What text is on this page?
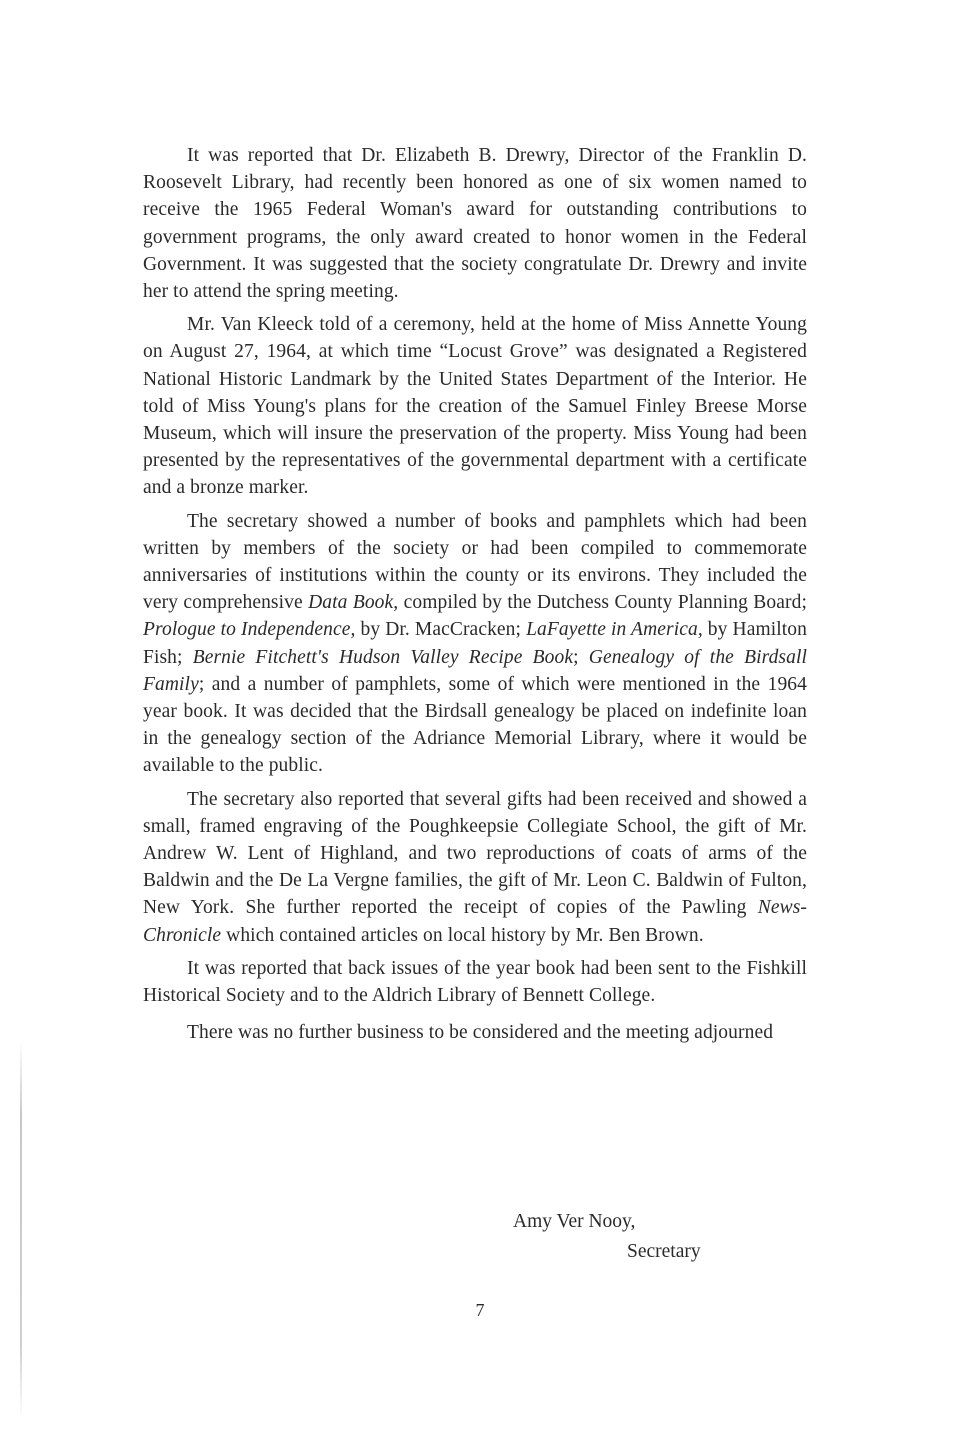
It was reported that Dr. Elizabeth B. Drewry, Director of the Franklin D. Roosevelt Library, had recently been honored as one of six women named to receive the 1965 Federal Woman's award for outstanding contributions to government programs, the only award created to honor women in the Federal Government. It was suggested that the society congratulate Dr. Drewry and invite her to attend the spring meeting.

Mr. Van Kleeck told of a ceremony, held at the home of Miss Annette Young on August 27, 1964, at which time “Locust Grove” was designated a Registered National Historic Landmark by the United States Department of the Interior. He told of Miss Young's plans for the creation of the Samuel Finley Breese Morse Museum, which will insure the preservation of the property. Miss Young had been presented by the representatives of the governmental department with a certificate and a bronze marker.

The secretary showed a number of books and pamphlets which had been written by members of the society or had been compiled to commemorate anniversaries of institutions within the county or its environs. They included the very comprehensive Data Book, compiled by the Dutchess County Planning Board; Prologue to Independence, by Dr. MacCracken; LaFayette in America, by Hamilton Fish; Bernie Fitchett's Hudson Valley Recipe Book; Genealogy of the Birdsall Family; and a number of pamphlets, some of which were mentioned in the 1964 year book. It was decided that the Birdsall genealogy be placed on indefinite loan in the genealogy section of the Adriance Memorial Library, where it would be available to the public.

The secretary also reported that several gifts had been received and showed a small, framed engraving of the Poughkeepsie Collegiate School, the gift of Mr. Andrew W. Lent of Highland, and two reproductions of coats of arms of the Baldwin and the De La Vergne families, the gift of Mr. Leon C. Baldwin of Fulton, New York. She further reported the receipt of copies of the Pawling News-Chronicle which contained articles on local history by Mr. Ben Brown.

It was reported that back issues of the year book had been sent to the Fishkill Historical Society and to the Aldrich Library of Bennett College.

There was no further business to be considered and the meeting adjourned

Amy Ver Nooy,
Secretary
7
